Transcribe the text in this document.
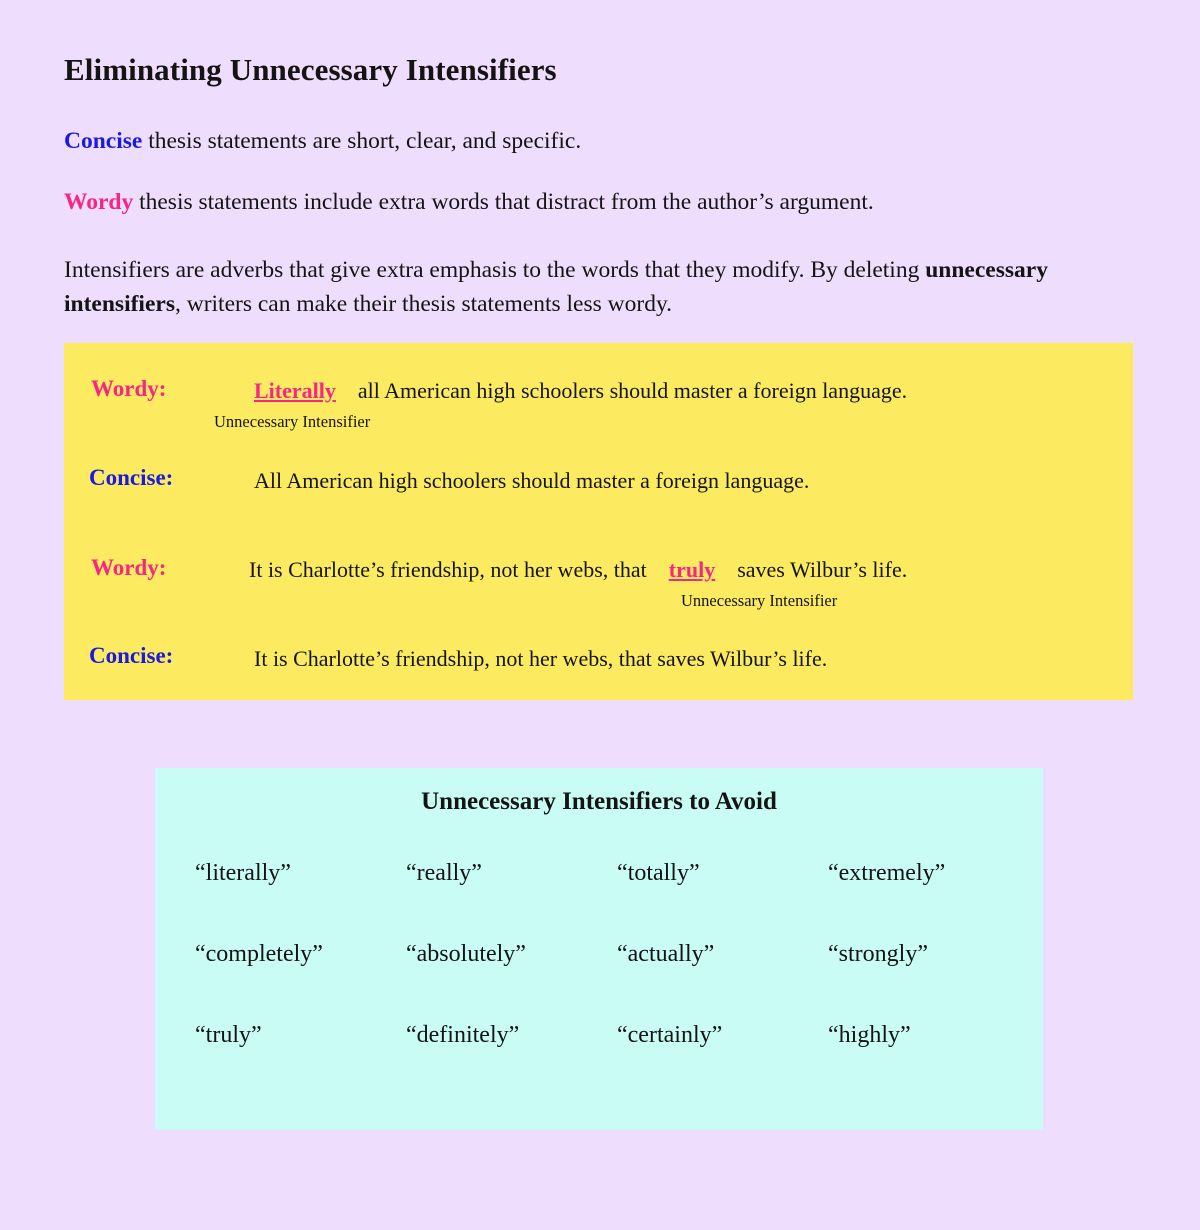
Eliminating Unnecessary Intensifiers
Concise thesis statements are short, clear, and specific.
Wordy thesis statements include extra words that distract from the author’s argument.
Intensifiers are adverbs that give extra emphasis to the words that they modify. By deleting unnecessary intensifiers, writers can make their thesis statements less wordy.
Wordy:	Literally all American high schoolers should master a foreign language.
Unnecessary Intensifier
Concise:	All American high schoolers should master a foreign language.
Wordy:	It is Charlotte’s friendship, not her webs, that truly saves Wilbur’s life.
Unnecessary Intensifier
Concise:	It is Charlotte’s friendship, not her webs, that saves Wilbur’s life.
Unnecessary Intensifiers to Avoid
“literally”	“really”	“totally”	“extremely”
“completely”	“absolutely”	“actually”	“strongly”
“truly”	“definitely”	“certainly”	“highly”
